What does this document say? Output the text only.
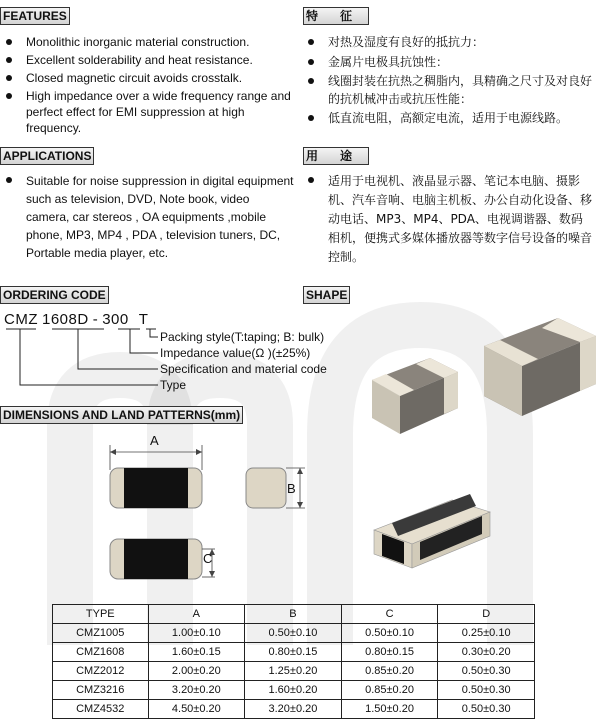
FEATURES	特征
Monolithic inorganic material construction.
Excellent solderability and heat resistance.
Closed magnetic circuit avoids crosstalk.
High impedance over a wide frequency range and perfect effect for EMI suppression at high frequency.
对热及湿度有良好的抵抗力：
金属片电极具抗蚀性：
线圈封装在抗热之稠脂内，具精确之尺寸及对良好的抗机械冲击或抗压性能：
低直流电阻，高额定电流，适用于电源线路。
APPLICATIONS	用途
Suitable for noise suppression in digital equipment such as television, DVD, Note book, video camera, car stereos , OA equipments ,mobile phone, MP3, MP4 , PDA , television tuners, DC, Portable media player, etc.
适用于电视机、液晶显示器、笔记本电脑、摄影机、汽车音响、电脑主机板、办公自动化设备、移动电话、MP3、MP4、PDA、电视调谐器、数码相机，便携式多媒体播放器等数字信号设备的噪音控制。
ORDERING CODE	SHAPE
CMZ 1608D - 300 T
Packing style(T:taping; B: bulk)
Impedance value(Ω )(±25%)
Specification and material code
Type
DIMENSIONS AND LAND PATTERNS(mm)
A
B
C
TYPE	A	B	C	D
CMZ1005	1.00±0.10	0.50±0.10	0.50±0.10	0.25±0.10
CMZ1608	1.60±0.15	0.80±0.15	0.80±0.15	0.30±0.20
CMZ2012	2.00±0.20	1.25±0.20	0.85±0.20	0.50±0.30
CMZ3216	3.20±0.20	1.60±0.20	0.85±0.20	0.50±0.30
CMZ4532	4.50±0.20	3.20±0.20	1.50±0.20	0.50±0.30
